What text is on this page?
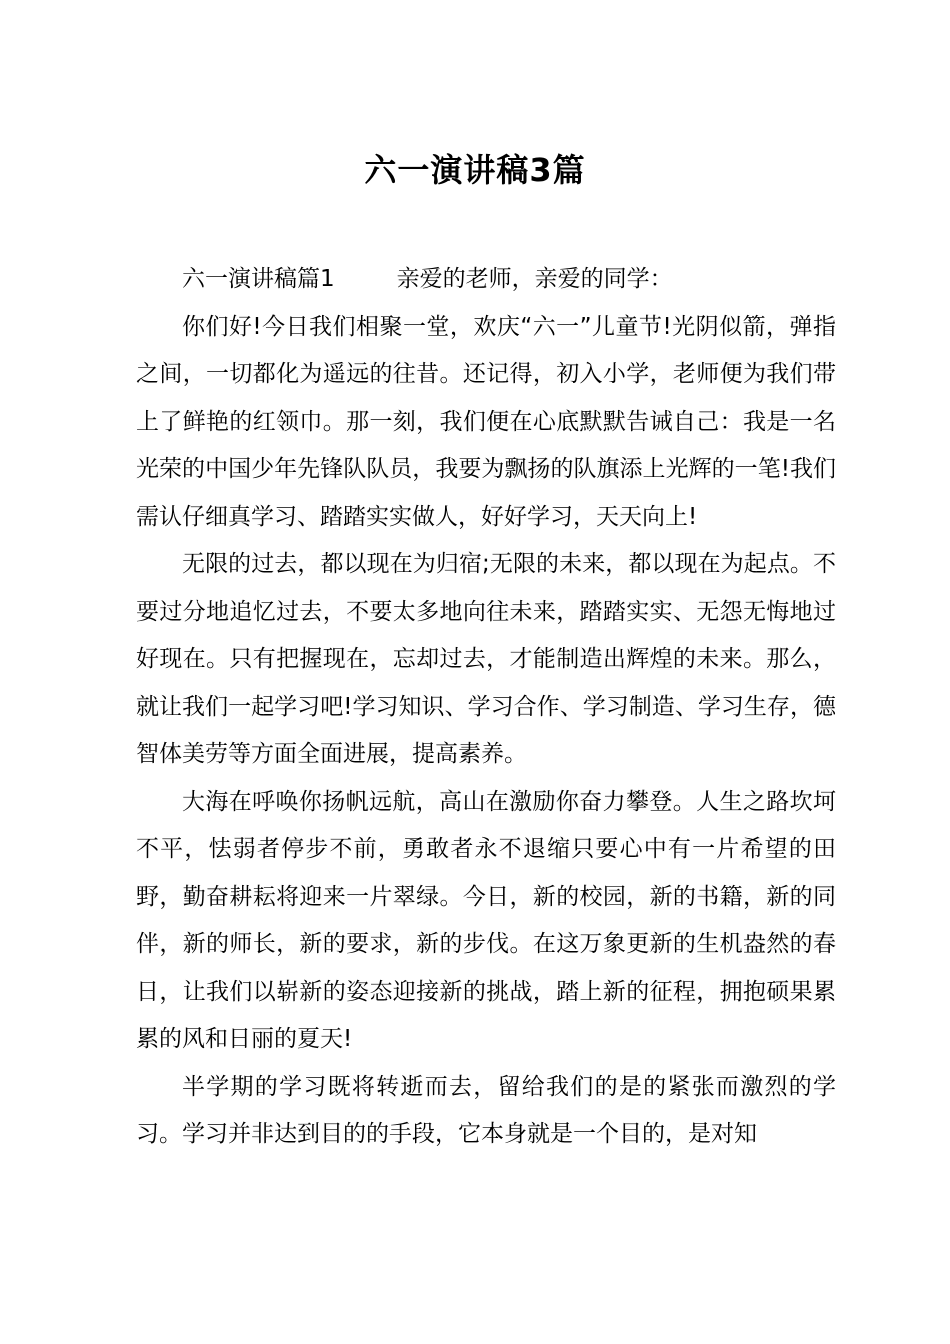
六一演讲稿3篇

六一演讲稿篇1	亲爱的老师，亲爱的同学：

你们好!今日我们相聚一堂，欢庆“六一”儿童节!光阴似箭，弹指之间，一切都化为遥远的往昔。还记得，初入小学，老师便为我们带上了鲜艳的红领巾。那一刻，我们便在心底默默告诫自己：我是一名光荣的中国少年先锋队队员，我要为飘扬的队旗添上光辉的一笔!我们需认仔细真学习、踏踏实实做人，好好学习，天天向上!

无限的过去，都以现在为归宿;无限的未来，都以现在为起点。不要过分地追忆过去，不要太多地向往未来，踏踏实实、无怨无悔地过好现在。只有把握现在，忘却过去，才能制造出辉煌的未来。那么，就让我们一起学习吧!学习知识、学习合作、学习制造、学习生存，德智体美劳等方面全面进展，提高素养。

大海在呼唤你扬帆远航，高山在激励你奋力攀登。人生之路坎坷不平，怯弱者停步不前，勇敢者永不退缩只要心中有一片希望的田野，勤奋耕耘将迎来一片翠绿。今日，新的校园，新的书籍，新的同伴，新的师长，新的要求，新的步伐。在这万象更新的生机盎然的春日，让我们以崭新的姿态迎接新的挑战，踏上新的征程，拥抱硕果累累的风和日丽的夏天!

半学期的学习既将转逝而去，留给我们的是的紧张而激烈的学习。学习并非达到目的的手段，它本身就是一个目的，是对知
